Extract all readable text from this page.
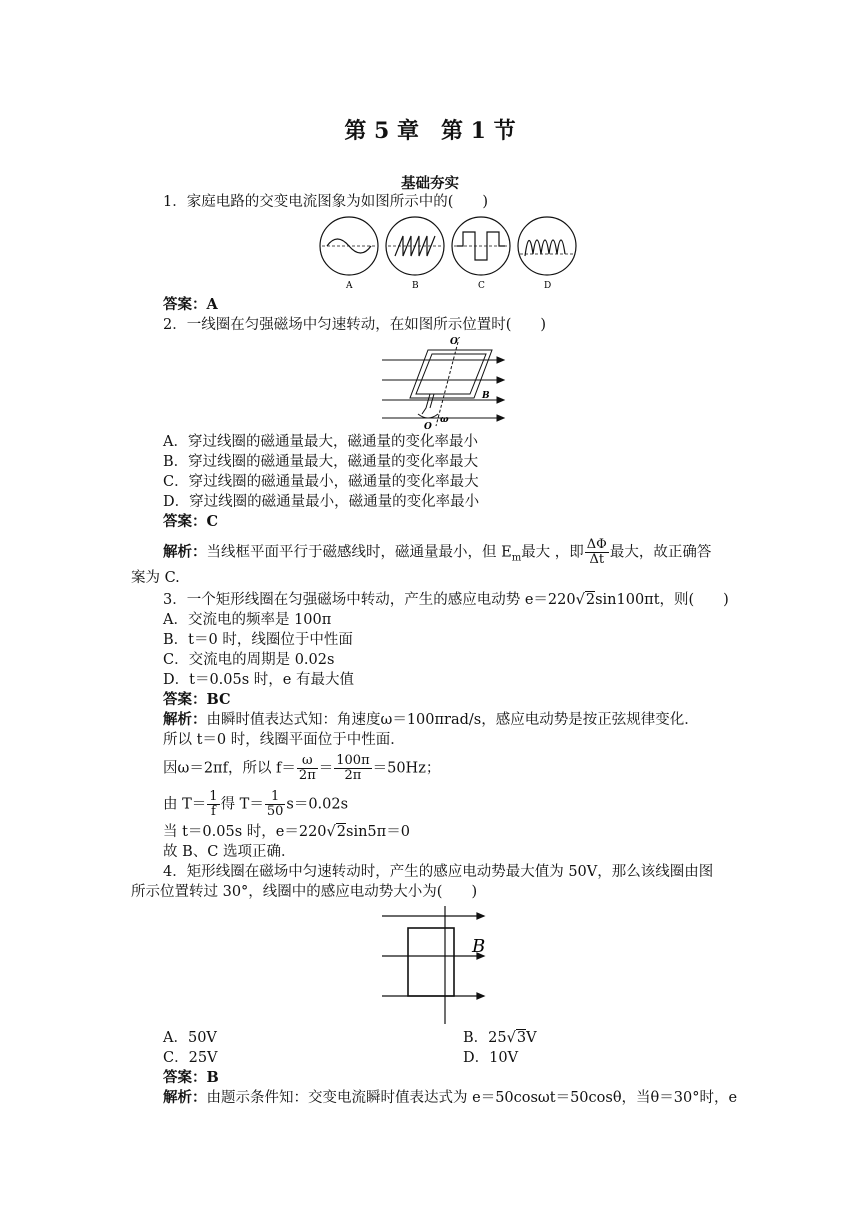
第 5 章　第 1 节
基础夯实
1．家庭电路的交变电流图象为如图所示中的(　　)
A	B	C	D
答案：A
2．一线圈在匀强磁场中匀速转动，在如图所示位置时(　　)
O′
O
B
ω
A．穿过线圈的磁通量最大，磁通量的变化率最小
B．穿过线圈的磁通量最大，磁通量的变化率最大
C．穿过线圈的磁通量最小，磁通量的变化率最大
D．穿过线圈的磁通量最小，磁通量的变化率最小
答案：C
解析：当线框平面平行于磁感线时，磁通量最小，但 $E_m$最大 ，即 $\frac{\Delta\Phi}{\Delta t}$ 最大，故正确答
案为 C.
3．一个矩形线圈在匀强磁场中转动，产生的感应电动势 e＝220√2sin100πt，则(　　)
A．交流电的频率是 100π
B．t＝0 时，线圈位于中性面
C．交流电的周期是 0.02s
D．t＝0.05s 时，e 有最大值
答案：BC
解析：由瞬时值表达式知：角速度ω＝100πrad/s，感应电动势是按正弦规律变化．
所以 t＝0 时，线圈平面位于中性面．
因ω＝2πf，所以 $f= \frac{\omega}{2\pi} = \frac{100\pi}{2\pi} =50Hz$；
由 $T= \frac{1}{f}$ 得 $T= \frac{1}{50} s=0.02s$
当 t＝0.05s 时，e＝220√2sin5π＝0
故 B、C 选项正确．
4．矩形线圈在磁场中匀速转动时，产生的感应电动势最大值为 50V，那么该线圈由图
所示位置转过 30°，线圈中的感应电动势大小为(　　)
B
A．50V	B．25√3V
C．25V	D．10V
答案：B
解析：由题示条件知：交变电流瞬时值表达式为 e＝50cosωt＝50cosθ，当θ＝30°时，e
